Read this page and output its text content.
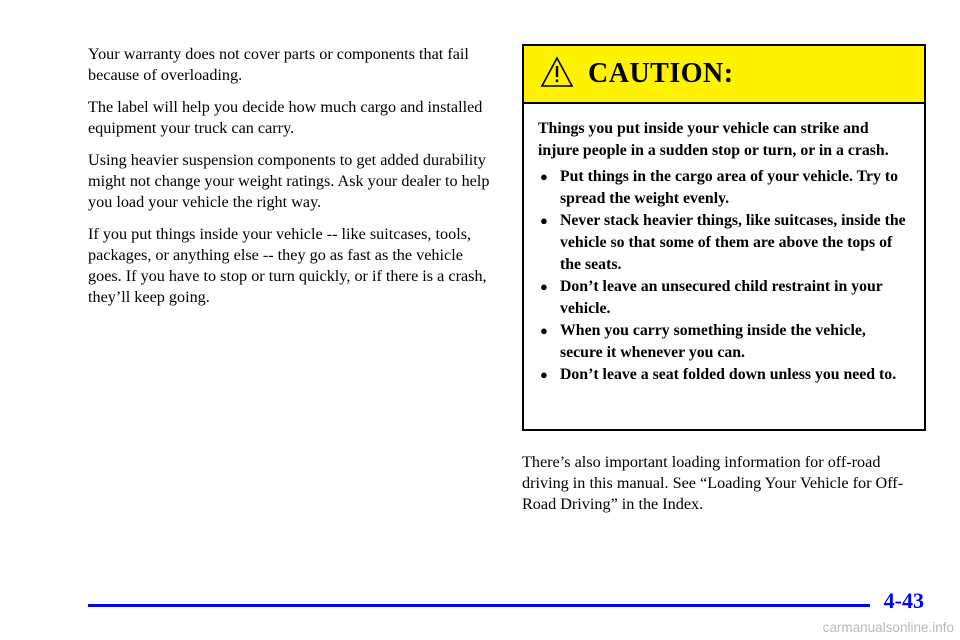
Your warranty does not cover parts or components that fail because of overloading.

The label will help you decide how much cargo and installed equipment your truck can carry.

Using heavier suspension components to get added durability might not change your weight ratings. Ask your dealer to help you load your vehicle the right way.

If you put things inside your vehicle -- like suitcases, tools, packages, or anything else -- they go as fast as the vehicle goes. If you have to stop or turn quickly, or if there is a crash, they’ll keep going.

CAUTION:

Things you put inside your vehicle can strike and injure people in a sudden stop or turn, or in a crash.

● Put things in the cargo area of your vehicle. Try to spread the weight evenly.
● Never stack heavier things, like suitcases, inside the vehicle so that some of them are above the tops of the seats.
● Don’t leave an unsecured child restraint in your vehicle.
● When you carry something inside the vehicle, secure it whenever you can.
● Don’t leave a seat folded down unless you need to.

There’s also important loading information for off-road driving in this manual. See “Loading Your Vehicle for Off-Road Driving” in the Index.

4-43
carmanualsonline.info
